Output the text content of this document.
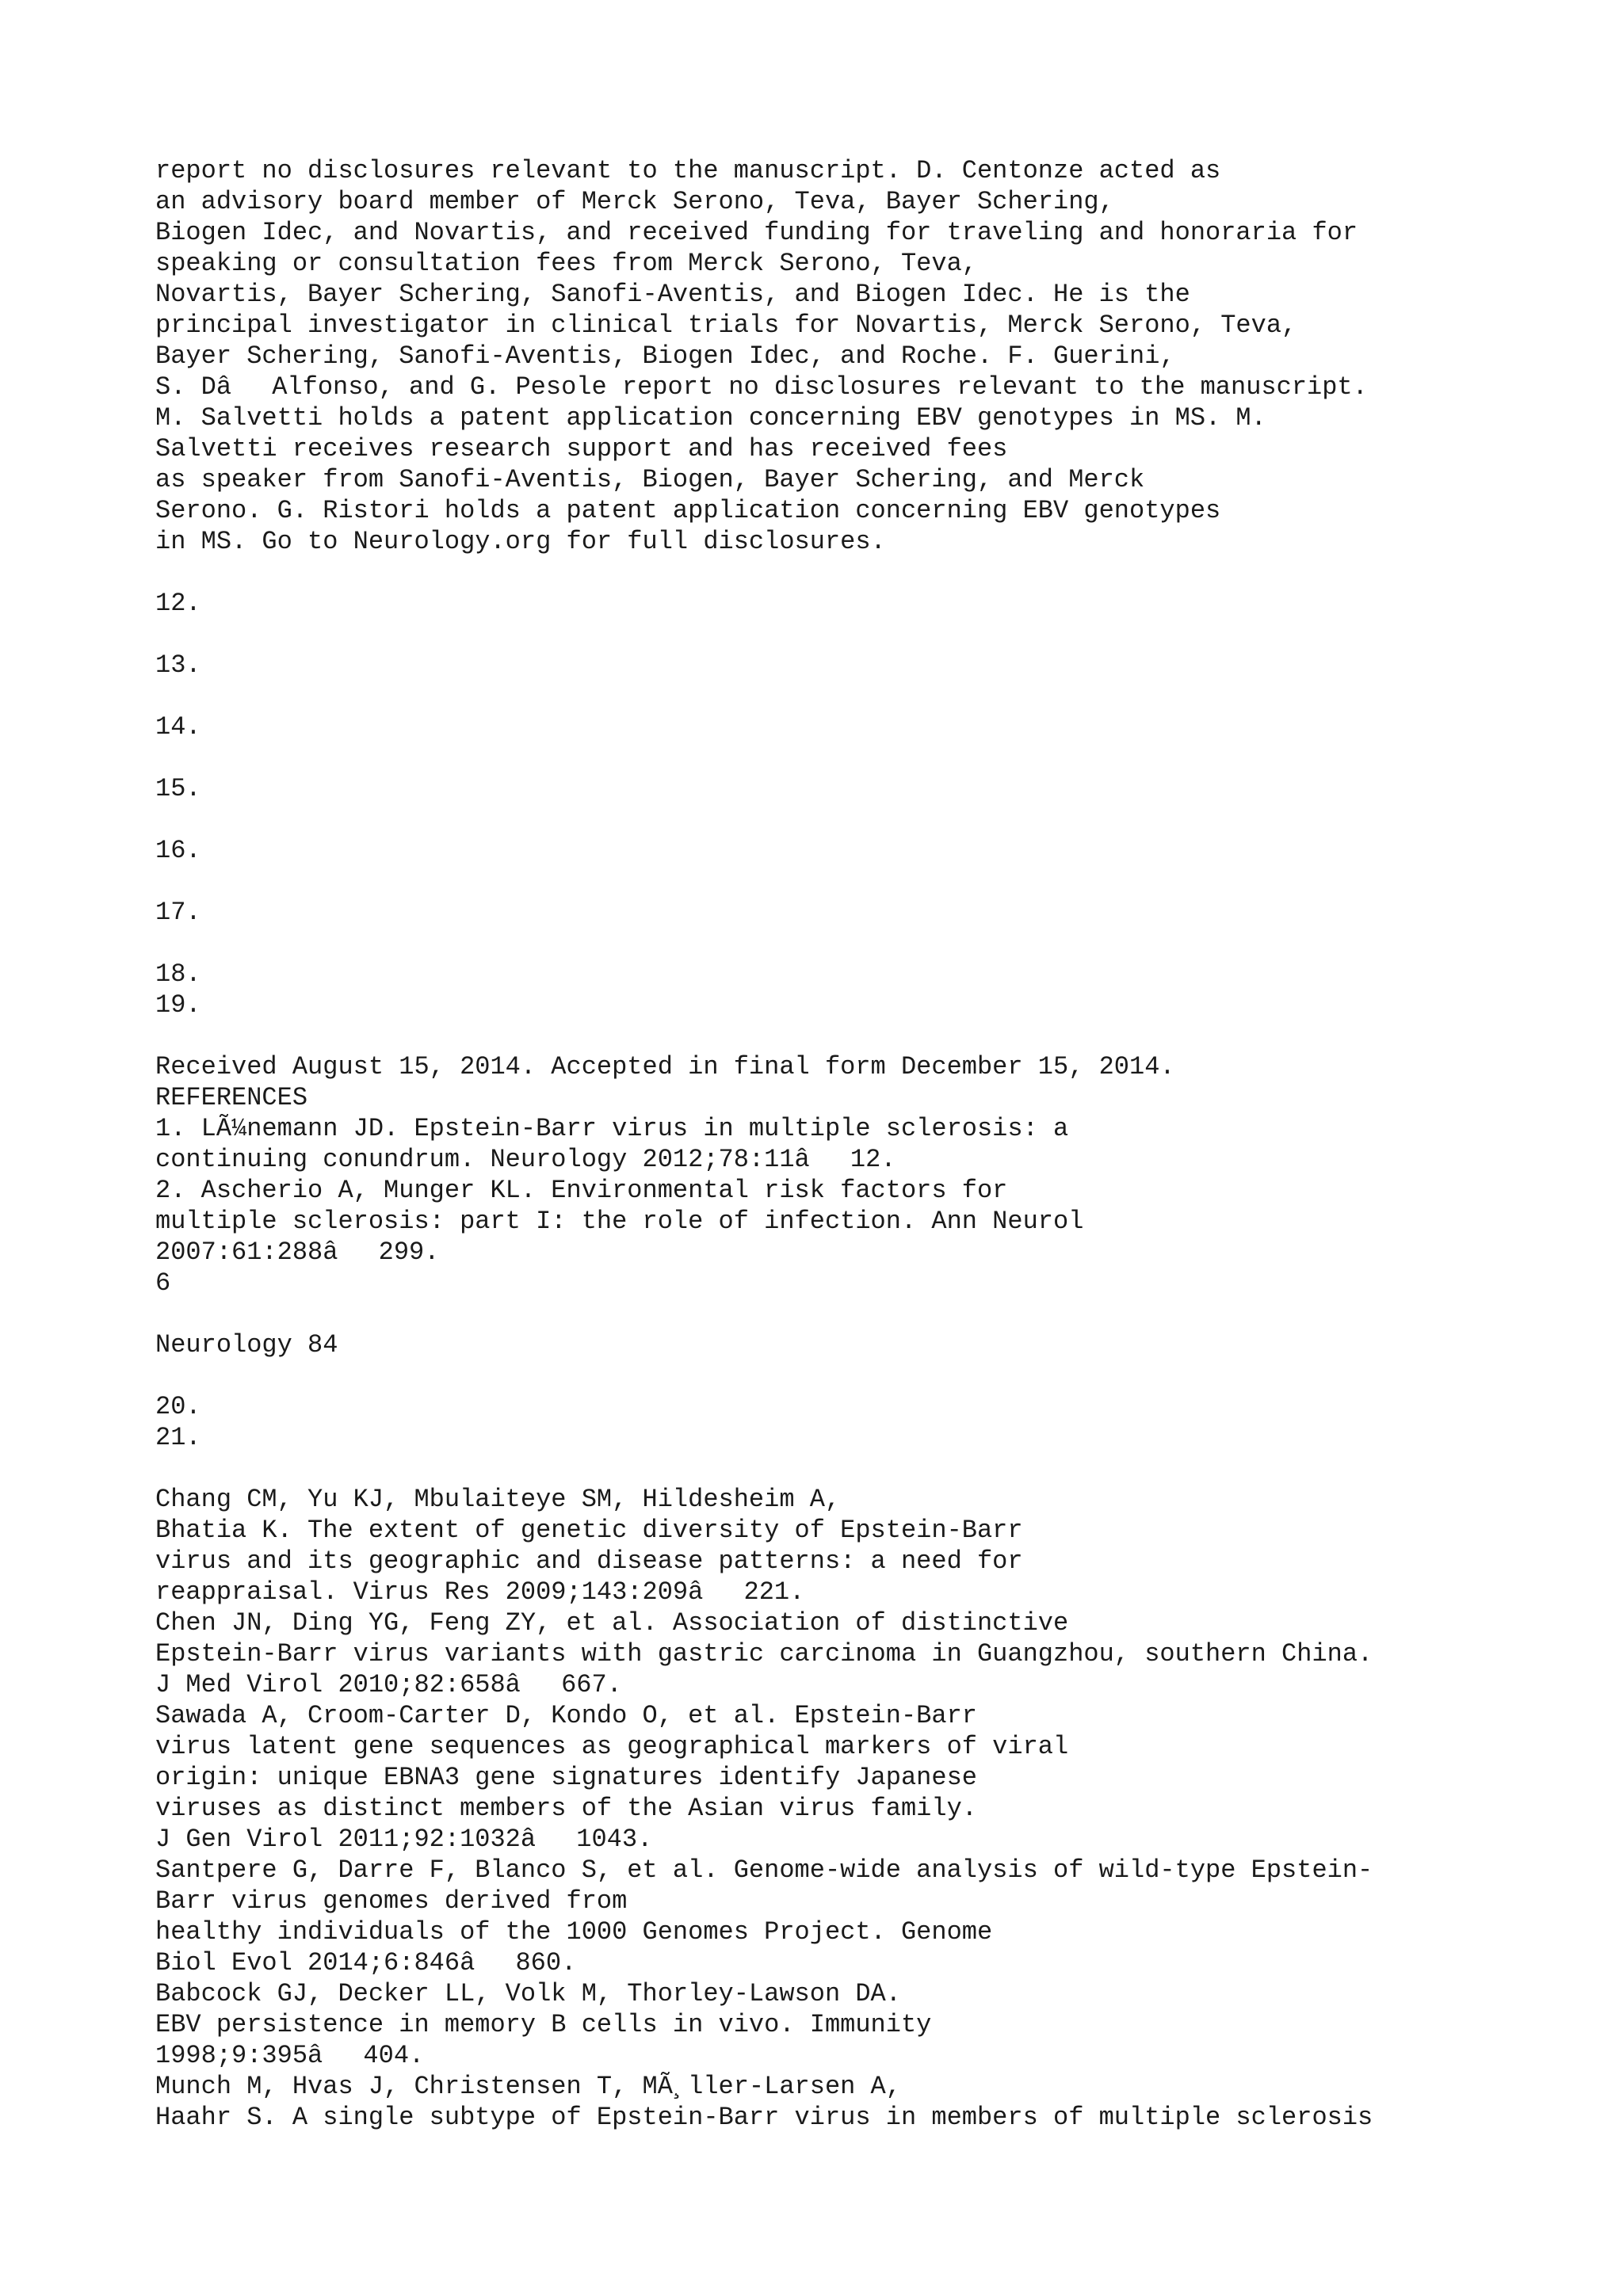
report no disclosures relevant to the manuscript. D. Centonze acted as
an advisory board member of Merck Serono, Teva, Bayer Schering,
Biogen Idec, and Novartis, and received funding for traveling and honoraria for
speaking or consultation fees from Merck Serono, Teva,
Novartis, Bayer Schering, Sanofi-Aventis, and Biogen Idec. He is the
principal investigator in clinical trials for Novartis, Merck Serono, Teva,
Bayer Schering, Sanofi-Aventis, Biogen Idec, and Roche. F. Guerini,
S. DâAlfonso, and G. Pesole report no disclosures relevant to the manuscript.
M. Salvetti holds a patent application concerning EBV genotypes in MS. M.
Salvetti receives research support and has received fees
as speaker from Sanofi-Aventis, Biogen, Bayer Schering, and Merck
Serono. G. Ristori holds a patent application concerning EBV genotypes
in MS. Go to Neurology.org for full disclosures.
12.
13.
14.
15.
16.
17.
18.
19.
Received August 15, 2014. Accepted in final form December 15, 2014.
REFERENCES
1. LÃ¼nemann JD. Epstein-Barr virus in multiple sclerosis: a
continuing conundrum. Neurology 2012;78:11â12.
2. Ascherio A, Munger KL. Environmental risk factors for
multiple sclerosis: part I: the role of infection. Ann Neurol
2007:61:288â299.
6
Neurology 84
20.
21.
Chang CM, Yu KJ, Mbulaiteye SM, Hildesheim A,
Bhatia K. The extent of genetic diversity of Epstein-Barr
virus and its geographic and disease patterns: a need for
reappraisal. Virus Res 2009;143:209â221.
Chen JN, Ding YG, Feng ZY, et al. Association of distinctive
Epstein-Barr virus variants with gastric carcinoma in Guangzhou, southern China.
J Med Virol 2010;82:658â667.
Sawada A, Croom-Carter D, Kondo O, et al. Epstein-Barr
virus latent gene sequences as geographical markers of viral
origin: unique EBNA3 gene signatures identify Japanese
viruses as distinct members of the Asian virus family.
J Gen Virol 2011;92:1032â1043.
Santpere G, Darre F, Blanco S, et al. Genome-wide analysis of wild-type Epstein-
Barr virus genomes derived from
healthy individuals of the 1000 Genomes Project. Genome
Biol Evol 2014;6:846â860.
Babcock GJ, Decker LL, Volk M, Thorley-Lawson DA.
EBV persistence in memory B cells in vivo. Immunity
1998;9:395â404.
Munch M, Hvas J, Christensen T, MÃ¸ller-Larsen A,
Haahr S. A single subtype of Epstein-Barr virus in members of multiple sclerosis
